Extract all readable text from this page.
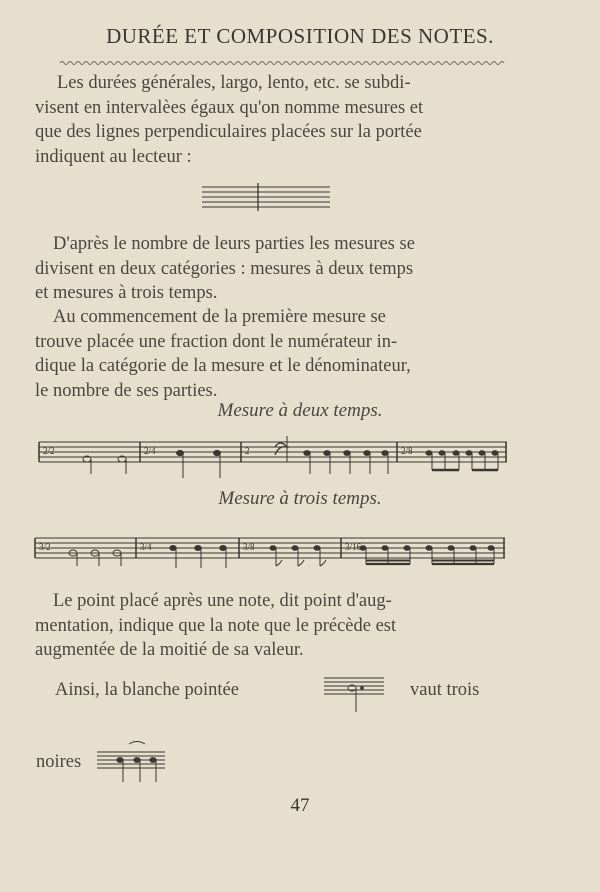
DURÉE ET COMPOSITION DES NOTES.
Les durées générales, largo, lento, etc. se subdi-
visent en intervalèes égaux qu'on nomme mesures et
que des lignes perpendiculaires placées sur la portée
indiquent au lecteur :
D'après le nombre de leurs parties les mesures se
divisent en deux catégories : mesures à deux temps
et mesures à trois temps.
Au commencement de la première mesure se
trouve placée une fraction dont le numérateur in-
dique la catégorie de la mesure et le dénominateur,
le nombre de ses parties.
Mesure à deux temps.
2/2	2/4	2	2/8
Mesure à trois temps.
3/2	3/4	3/8	3/16
Le point placé après une note, dit point d'aug-
mentation, indique que la note que le précède est
augmentée de la moitié de sa valeur.
Ainsi, la blanche pointée	vaut trois
noires
47
